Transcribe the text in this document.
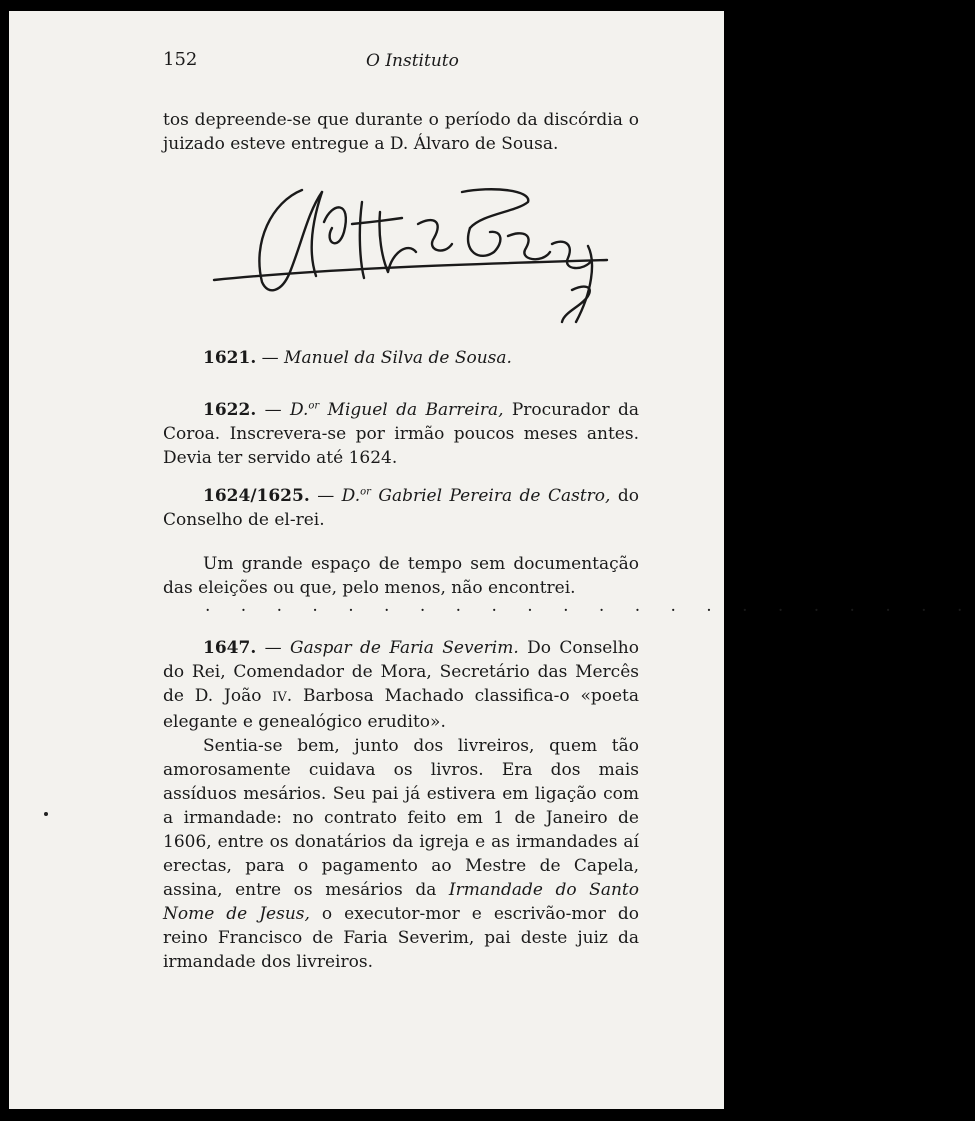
152	O Instituto

tos depreende-se que durante o período da discórdia o juizado esteve entregue a D. Álvaro de Sousa.

1621. — Manuel da Silva de Sousa.

1622. — D.$^{or}$ Miguel da Barreira, Procurador da Coroa. Inscrevera-se por irmão poucos meses antes. Devia ter servido até 1624.

1624/1625. — D.$^{or}$ Gabriel Pereira de Castro, do Conselho de el-rei.

Um grande espaço de tempo sem documentação das eleições ou que, pelo menos, não encontrei.

. . . . . . . . . . . . . . . . . . . . . .

1647. — Gaspar de Faria Severim. Do Conselho do Rei, Comendador de Mora, Secretário das Mercês de D. João IV. Barbosa Machado classifica-o «poeta elegante e genealógico erudito».

Sentia-se bem, junto dos livreiros, quem tão amorosamente cuidava os livros. Era dos mais assíduos mesários. Seu pai já estivera em ligação com a irmandade: no contrato feito em 1 de Janeiro de 1606, entre os donatários da igreja e as irmandades aí erectas, para o pagamento ao Mestre de Capela, assina, entre os mesários da Irmandade do Santo Nome de Jesus, o executor-mor e escrivão-mor do reino Francisco de Faria Severim, pai deste juiz da irmandade dos livreiros.
